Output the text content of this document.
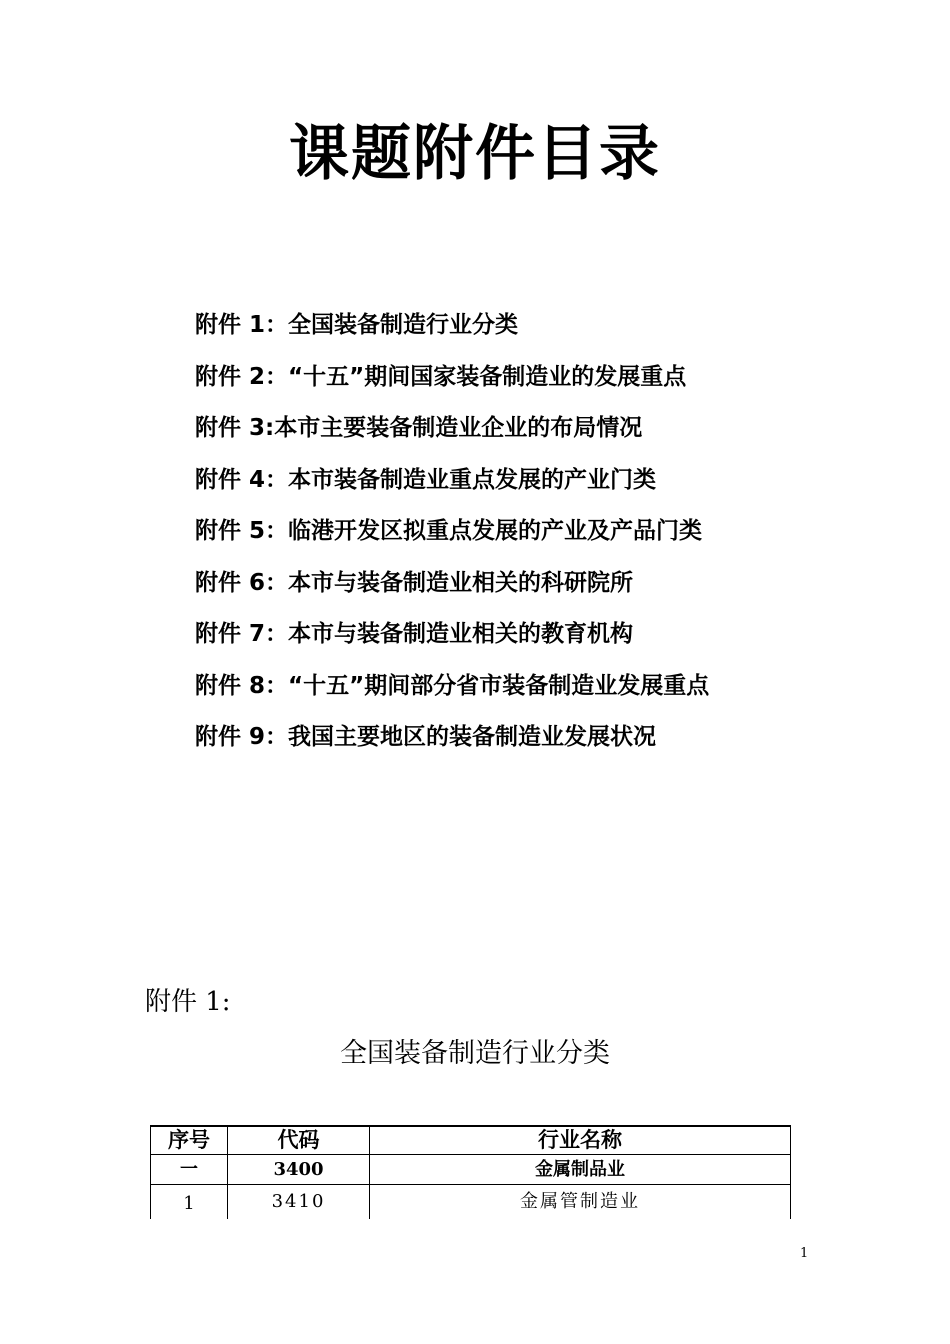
课题附件目录
附件 1：全国装备制造行业分类
附件 2：“十五”期间国家装备制造业的发展重点
附件 3:本市主要装备制造业企业的布局情况
附件 4：本市装备制造业重点发展的产业门类
附件 5：临港开发区拟重点发展的产业及产品门类
附件 6：本市与装备制造业相关的科研院所
附件 7：本市与装备制造业相关的教育机构
附件 8：“十五”期间部分省市装备制造业发展重点
附件 9：我国主要地区的装备制造业发展状况

附件 1:

全国装备制造行业分类

序号	代码	行业名称
一	3400	金属制品业
1	3410	金属管制造业

1
